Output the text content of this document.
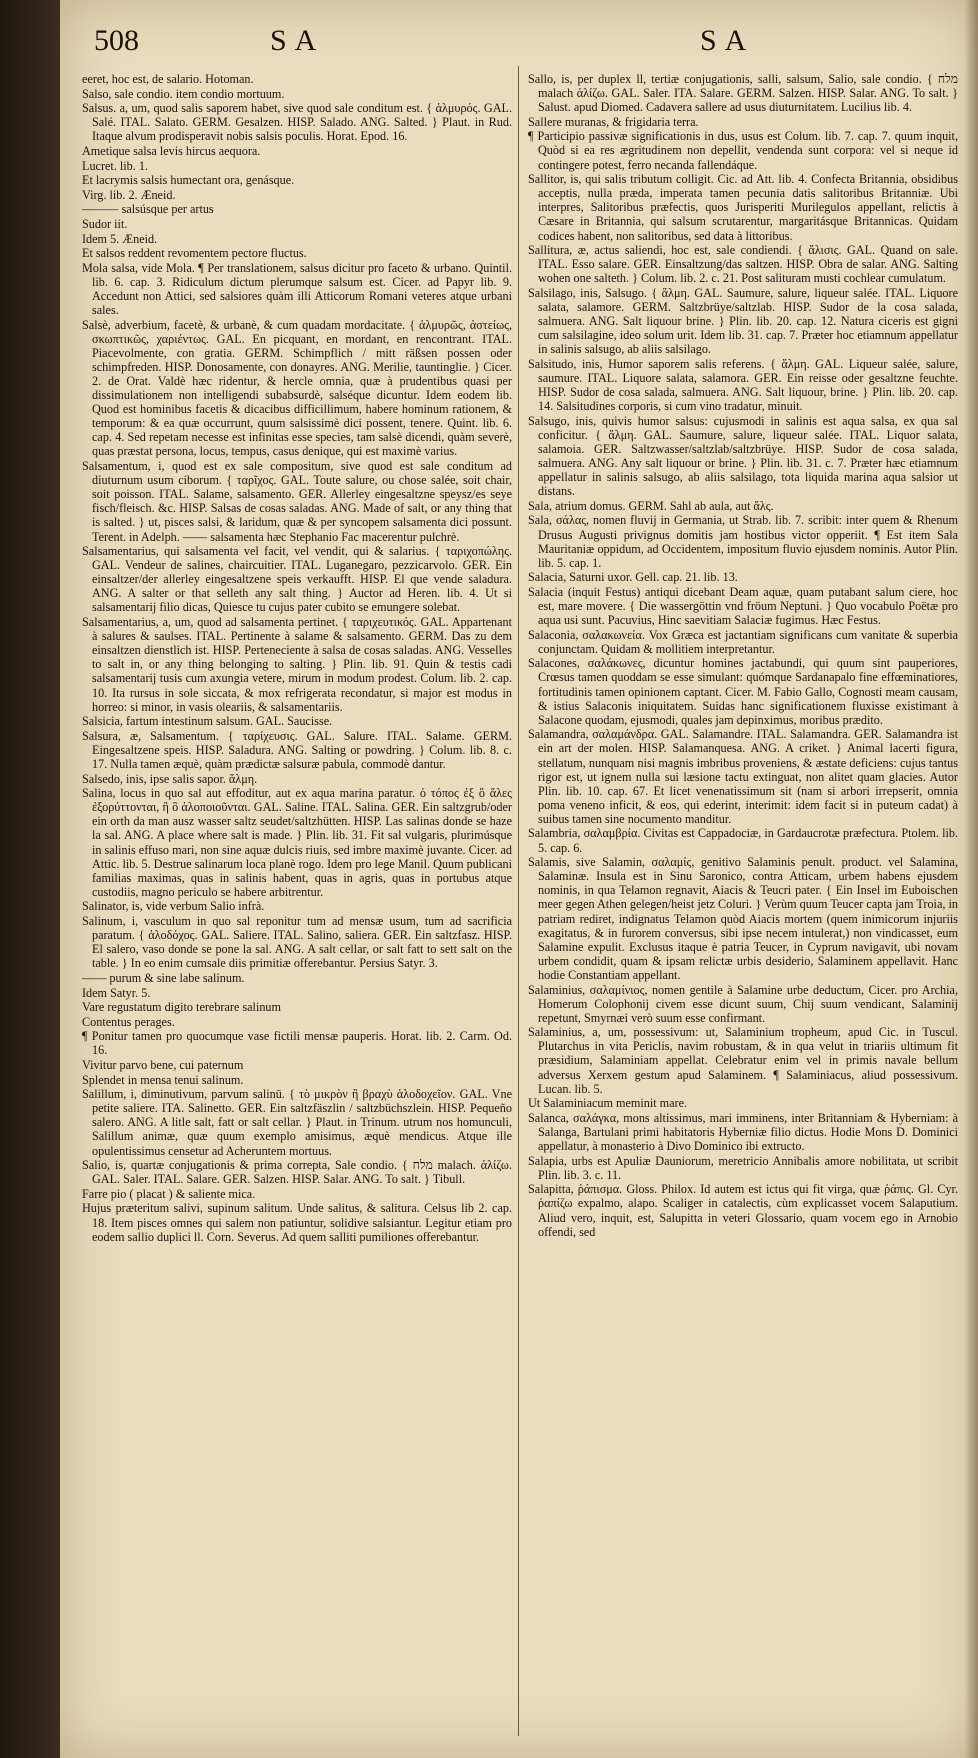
508	SA	SA
eeret, hoc est, de salario. Hotoman.
Salso, sale condio. item condio mortuum.
Salsus. a, um, quod salis saporem habet, sive quod sale conditum est. { ἁλμυρός. GAL. Salé. ITAL. Salato. GERM. Gesalzen. HISP. Salado. ANG. Salted. } Plaut. in Rud. Itaque alvum prodisperavit nobis salsis poculis. Horat. Epod. 16.
Ametique salsa levis hircus aequora.
Lucret. lib. 1.
Et lacrymis salsis humectant ora, genásque.
Virg. lib. 2. Æneid.
——— salsúsque per artus
Sudor iit.
Idem 5. Æneid.
Et salsos reddent revomentem pectore fluctus.
Mola salsa, vide Mola. ¶ Per translationem, salsus dicitur pro faceto & urbano. Quintil. lib. 6. cap. 3. Ridiculum dictum plerumque salsum est. Cicer. ad Papyr lib. 9. Accedunt non Attici, sed salsiores quàm illi Atticorum Romani veteres atque urbani sales.
Salsè, adverbium, facetè, & urbanè, & cum quadam mordacitate. { ἁλμυρῶς, ἀστείως, σκωπτικῶς, χαριέντως. GAL. En picquant, en mordant, en rencontrant. ITAL. Piacevolmente, con gratia. GERM. Schimpflich / mitt räßsen possen oder schimpfreden. HISP. Donosamente, con donayres. ANG. Merilie, tauntinglie. } Cicer. 2. de Orat. Valdè hæc ridentur, & hercle omnia, quæ à prudentibus quasi per dissimulationem non intelligendi subabsurdè, salséque dicuntur. Idem eodem lib. Quod est hominibus facetis & dicacibus difficillimum, habere hominum rationem, & temporum: & ea quæ occurrunt, quum salsissimè dici possent, tenere. Quint. lib. 6. cap. 4. Sed repetam necesse est infinitas esse species, tam salsè dicendi, quàm severè, quas præstat persona, locus, tempus, casus denique, qui est maximè varius.
Salsamentum, i, quod est ex sale compositum, sive quod est sale conditum ad diuturnum usum ciborum. { ταρῖχος. GAL. Toute salure, ou chose salée, soit chair, soit poisson. ITAL. Salame, salsamento. GER. Allerley eingesaltzne speysz/es seye fisch/fleisch. &c. HISP. Salsas de cosas saladas. ANG. Made of salt, or any thing that is salted. } ut, pisces salsi, & laridum, quæ & per syncopem salsamenta dici possunt. Terent. in Adelph. —— salsamenta hæc Stephanio Fac macerentur pulchrè.
Salsamentarius, qui salsamenta vel facit, vel vendit, qui & salarius. { ταριχοπώλης. GAL. Vendeur de salines, chaircuitier. ITAL. Luganegaro, pezzicarvolo. GER. Ein einsaltzer/der allerley eingesaltzene speis verkaufft. HISP. El que vende saladura. ANG. A salter or that selleth any salt thing. } Auctor ad Heren. lib. 4. Ut si salsamentarij filio dicas, Quiesce tu cujus pater cubito se emungere solebat.
Salsamentarius, a, um, quod ad salsamenta pertinet. { ταριχευτικός. GAL. Appartenant à salures & saulses. ITAL. Pertinente à salame & salsamento. GERM. Das zu dem einsaltzen dienstlich ist. HISP. Perteneciente à salsa de cosas saladas. ANG. Vesselles to salt in, or any thing belonging to salting. } Plin. lib. 91. Quin & testis cadi salsamentarij tusis cum axungia vetere, mirum in modum prodest. Colum. lib. 2. cap. 10. Ita rursus in sole siccata, & mox refrigerata recondatur, si major est modus in horreo: si minor, in vasis oleariis, & salsamentariis.
Salsicia, fartum intestinum salsum. GAL. Saucisse.
Salsura, æ, Salsamentum. { ταρίχευσις. GAL. Salure. ITAL. Salame. GERM. Eingesaltzene speis. HISP. Saladura. ANG. Salting or powdring. } Colum. lib. 8. c. 17. Nulla tamen æquè, quàm prædictæ salsuræ pabula, commodè dantur.
Salsedo, inis, ipse salis sapor. ἅλμη.
Salina, locus in quo sal aut effoditur, aut ex aqua marina paratur. ὁ τόπος ἐξ ὃ ἅλες ἐξορύττονται, ἢ ὃ ἁλοποιοῦνται. GAL. Saline. ITAL. Salina. GER. Ein saltzgrub/oder ein orth da man ausz wasser saltz seudet/saltzhütten. HISP. Las salinas donde se haze la sal. ANG. A place where salt is made. } Plin. lib. 31. Fit sal vulgaris, plurimúsque in salinis effuso mari, non sine aquæ dulcis riuis, sed imbre maximè juvante. Cicer. ad Attic. lib. 5. Destrue salinarum loca planè rogo. Idem pro lege Manil. Quum publicani familias maximas, quas in salinis habent, quas in agris, quas in portubus atque custodiis, magno periculo se habere arbitrentur.
Salinator, is, vide verbum Salio infrà.
Salinum, i, vasculum in quo sal reponitur tum ad mensæ usum, tum ad sacrificia paratum. { ἁλοδόχος. GAL. Saliere. ITAL. Salino, saliera. GER. Ein saltzfasz. HISP. El salero, vaso donde se pone la sal. ANG. A salt cellar, or salt fatt to sett salt on the table. } In eo enim cumsale diis primitiæ offerebantur. Persius Satyr. 3.
—— purum & sine labe salinum.
Idem Satyr. 5.
Vare regustatum digito terebrare salinum
Contentus perages.
¶ Ponitur tamen pro quocumque vase fictili mensæ pauperis. Horat. lib. 2. Carm. Od. 16.
Vivitur parvo bene, cui paternum
Splendet in mensa tenui salinum.
Salillum, i, diminutivum, parvum salinū. { τὸ μικρὸν ἢ βραχὺ ἁλοδοχεῖον. GAL. Vne petite saliere. ITA. Salinetto. GER. Ein saltzfäszlin / saltzbüchszlein. HISP. Pequeño salero. ANG. A litle salt, fatt or salt cellar. } Plaut. in Trinum. utrum nos homunculi, Salillum animæ, quæ quum exemplo amisimus, æquè mendicus. Atque ille opulentissimus censetur ad Acheruntem mortuus.
Salio, is, quartæ conjugationis & prima correpta, Sale condio. { מלח malach. ἁλίζω. GAL. Saler. ITAL. Salare. GER. Salzen. HISP. Salar. ANG. To salt. } Tibull.
Farre pio ( placat ) & saliente mica.
Hujus præteritum salivi, supinum salitum. Unde salitus, & salitura. Celsus lib 2. cap. 18. Item pisces omnes qui salem non patiuntur, solidive salsiantur. Legitur etiam pro eodem sallio duplici ll. Corn. Severus. Ad quem salliti pumiliones offerebantur.
Sallo, is, per duplex ll, tertiæ conjugationis, salli, salsum, Salio, sale condio. { מלח malach ἁλίζω. GAL. Saler. ITA. Salare. GERM. Salzen. HISP. Salar. ANG. To salt. } Salust. apud Diomed. Cadavera sallere ad usus diuturnitatem. Lucilius lib. 4.
Sallere muranas, & frigidaria terra.
¶ Participio passivæ significationis in dus, usus est Colum. lib. 7. cap. 7. quum inquit, Quòd si ea res ægritudinem non depellit, vendenda sunt corpora: vel si neque id contingere potest, ferro necanda fallendáque.
Sallitor, is, qui salis tributum colligit. Cic. ad Att. lib. 4. Confecta Britannia, obsidibus acceptis, nulla præda, imperata tamen pecunia datis salitoribus Britanniæ. Ubi interpres, Salitoribus præfectis, quos Jurisperiti Murilegulos appellant, relictis à Cæsare in Britannia, qui salsum scrutarentur, margaritásque Britannicas. Quidam codices habent, non salitoribus, sed data à littoribus.
Sallitura, æ, actus saliendi, hoc est, sale condiendi. { ἅλισις. GAL. Quand on sale. ITAL. Esso salare. GER. Einsaltzung/das saltzen. HISP. Obra de salar. ANG. Salting wohen one salteth. } Colum. lib. 2. c. 21. Post salituram musti cochlear cumulatum.
Salsilago, inis, Salsugo. { ἅλμη. GAL. Saumure, salure, liqueur salée. ITAL. Liquore salata, salamore. GERM. Saltzbrüye/saltzlab. HISP. Sudor de la cosa salada, salmuera. ANG. Salt liquour brine. } Plin. lib. 20. cap. 12. Natura ciceris est gigni cum salsilagine, ideo solum urit. Idem lib. 31. cap. 7. Præter hoc etiamnum appellatur in salinis salsugo, ab aliis salsilago.
Salsitudo, inis, Humor saporem salis referens. { ἅλμη. GAL. Liqueur salée, salure, saumure. ITAL. Liquore salata, salamora. GER. Ein reisse oder gesaltzne feuchte. HISP. Sudor de cosa salada, salmuera. ANG. Salt liquour, brine. } Plin. lib. 20. cap. 14. Salsitudines corporis, si cum vino tradatur, minuit.
Salsugo, inis, quivis humor salsus: cujusmodi in salinis est aqua salsa, ex qua sal conficitur. { ἅλμη. GAL. Saumure, salure, liqueur salée. ITAL. Liquor salata, salamoia. GER. Saltzwasser/saltzlab/saltzbrüye. HISP. Sudor de cosa salada, salmuera. ANG. Any salt liquour or brine. } Plin. lib. 31. c. 7. Præter hæc etiamnum appellatur in salinis salsugo, ab aliis salsilago, tota liquida marina aqua salsior ut distans.
Sala, atrium domus. GERM. Sahl ab aula, aut ἅλς.
Sala, σάλας, nomen fluvij in Germania, ut Strab. lib. 7. scribit: inter quem & Rhenum Drusus Augusti privignus domitis jam hostibus victor opperiit. ¶ Est item Sala Mauritaniæ oppidum, ad Occidentem, impositum fluvio ejusdem nominis. Autor Plin. lib. 5. cap. 1.
Salacia, Saturni uxor. Gell. cap. 21. lib. 13.
Salacia (inquit Festus) antiqui dicebant Deam aquæ, quam putabant salum ciere, hoc est, mare movere. { Die wassergöttin vnd fröum Neptuni. } Quo vocabulo Poëtæ pro aqua usi sunt. Pacuvius, Hinc saevitiam Salaciæ fugimus. Hæc Festus.
Salaconia, σαλακωνεία. Vox Græca est jactantiam significans cum vanitate & superbia conjunctam. Quidam & mollitiem interpretantur.
Salacones, σαλάκωνες, dicuntur homines jactabundi, qui quum sint pauperiores, Crœsus tamen quoddam se esse simulant: quómque Sardanapalo fine effœminatiores, fortitudinis tamen opinionem captant. Cicer. M. Fabio Gallo, Cognosti meam causam, & istius Salaconis iniquitatem. Suidas hanc significationem fluxisse existimant à Salacone quodam, ejusmodi, quales jam depinximus, moribus prædito.
Salamandra, σαλαμάνδρα. GAL. Salamandre. ITAL. Salamandra. GER. Salamandra ist ein art der molen. HISP. Salamanquesa. ANG. A criket. } Animal lacerti figura, stellatum, nunquam nisi magnis imbribus proveniens, & æstate deficiens: cujus tantus rigor est, ut ignem nulla sui læsione tactu extinguat, non alitet quam glacies. Autor Plin. lib. 10. cap. 67. Et licet venenatissimum sit (nam si arbori irrepserit, omnia poma veneno inficit, & eos, qui ederint, interimit: idem facit si in puteum cadat) à suibus tamen sine nocumento manditur.
Salambria, σαλαμβρία. Civitas est Cappadociæ, in Gardaucrotæ præfectura. Ptolem. lib. 5. cap. 6.
Salamis, sive Salamin, σαλαμίς, genitivo Salaminis penult. product. vel Salamina, Salaminæ. Insula est in Sinu Saronico, contra Atticam, urbem habens ejusdem nominis, in qua Telamon regnavit, Aiacis & Teucri pater. { Ein Insel im Euboischen meer gegen Athen gelegen/heist jetz Coluri. } Verùm quum Teucer capta jam Troia, in patriam rediret, indignatus Telamon quòd Aiacis mortem (quem inimicorum injuriis exagitatus, & in furorem conversus, sibi ipse necem intulerat,) non vindicasset, eum Salamine expulit. Exclusus itaque è patria Teucer, in Cyprum navigavit, ubi novam urbem condidit, quam & ipsam relictæ urbis desiderio, Salaminem appellavit. Hanc hodie Constantiam appellant.
Salaminius, σαλαμίνιος, nomen gentile à Salamine urbe deductum, Cicer. pro Archia, Homerum Colophonij civem esse dicunt suum, Chij suum vendicant, Salaminij repetunt, Smyrnæi verò suum esse confirmant.
Salaminius, a, um, possessivum: ut, Salaminium tropheum, apud Cic. in Tuscul. Plutarchus in vita Periclis, navim robustam, & in qua velut in triariis ultimum fit præsidium, Salaminiam appellat. Celebratur enim vel in primis navale bellum adversus Xerxem gestum apud Salaminem. ¶ Salaminiacus, aliud possessivum. Lucan. lib. 5.
Ut Salaminiacum meminit mare.
Salanca, σαλάγκα, mons altissimus, mari imminens, inter Britanniam & Hyberniam: à Salanga, Bartulani primi habitatoris Hyberniæ filio dictus. Hodie Mons D. Dominici appellatur, à monasterio à Divo Dominico ibi extructo.
Salapia, urbs est Apuliæ Dauniorum, meretricio Annibalis amore nobilitata, ut scribit Plin. lib. 3. c. 11.
Salapitta, ῥάπισμα. Gloss. Philox. Id autem est ictus qui fit virga, quæ ῥάπις. Gl. Cyr. ῥαπίζω expalmo, alapo. Scaliger in catalectis, cùm explicasset vocem Salaputium. Aliud vero, inquit, est, Salupitta in veteri Glossario, quam vocem ego in Arnobio offendi, sed
